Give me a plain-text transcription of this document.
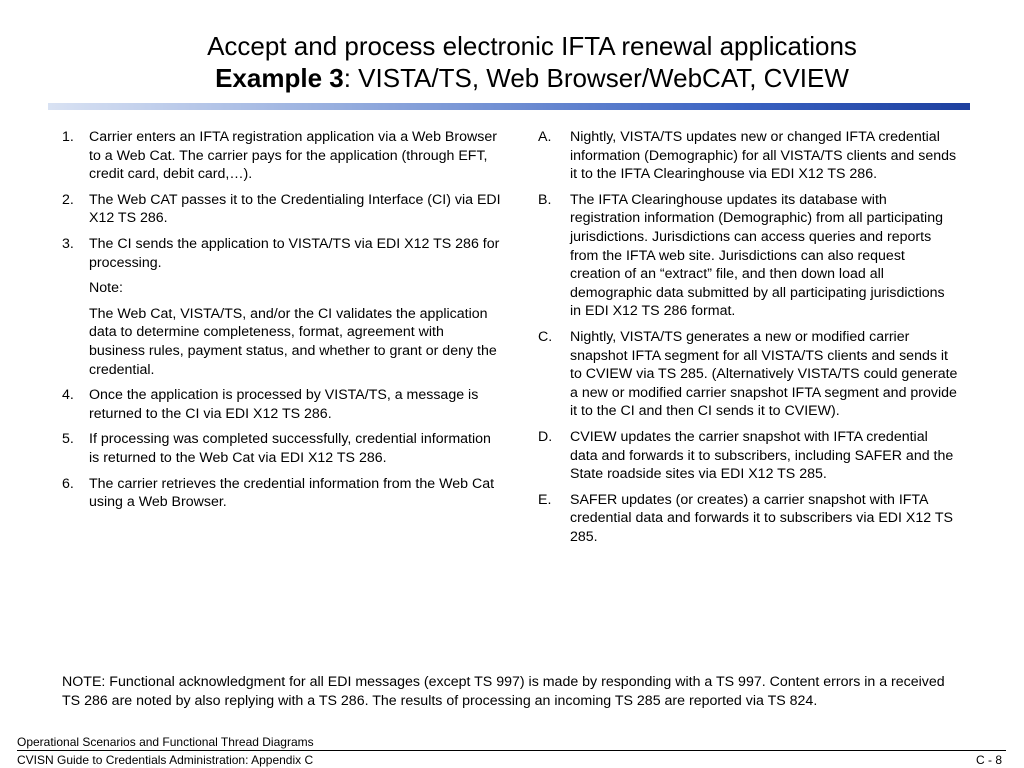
Accept and process electronic IFTA renewal applications
Example 3: VISTA/TS, Web Browser/WebCAT, CVIEW
1. Carrier enters an IFTA registration application via a Web Browser to a Web Cat. The carrier pays for the application (through EFT, credit card, debit card,…).
2. The Web CAT passes it to the Credentialing Interface (CI) via EDI X12 TS 286.
3. The CI sends the application to VISTA/TS via EDI X12 TS 286 for processing.
Note:
The Web Cat, VISTA/TS, and/or the CI validates the application data to determine completeness, format, agreement with business rules, payment status, and whether to grant or deny the credential.
4. Once the application is processed by VISTA/TS, a message is returned to the CI via EDI X12 TS 286.
5. If processing was completed successfully, credential information is returned to the Web Cat via EDI X12 TS 286.
6. The carrier retrieves the credential information from the Web Cat using a Web Browser.
A. Nightly, VISTA/TS updates new or changed IFTA credential information (Demographic) for all VISTA/TS clients and sends it to the IFTA Clearinghouse via EDI X12 TS 286.
B. The IFTA Clearinghouse updates its database with registration information (Demographic) from all participating jurisdictions. Jurisdictions can access queries and reports from the IFTA web site. Jurisdictions can also request creation of an “extract” file, and then down load all demographic data submitted by all participating jurisdictions in EDI X12 TS 286 format.
C. Nightly, VISTA/TS generates a new or modified carrier snapshot IFTA segment for all VISTA/TS clients and sends it to CVIEW via TS 285. (Alternatively VISTA/TS could generate a new or modified carrier snapshot IFTA segment and provide it to the CI and then CI sends it to CVIEW).
D. CVIEW updates the carrier snapshot with IFTA credential data and forwards it to subscribers, including SAFER and the State roadside sites via EDI X12 TS 285.
E. SAFER updates (or creates) a carrier snapshot with IFTA credential data and forwards it to subscribers via EDI X12 TS 285.
NOTE: Functional acknowledgment for all EDI messages (except TS 997) is made by responding with a TS 997. Content errors in a received TS 286 are noted by also replying with a TS 286. The results of processing an incoming TS 285 are reported via TS 824.
Operational Scenarios and Functional Thread Diagrams
CVISN Guide to Credentials Administration: Appendix C	C - 8
